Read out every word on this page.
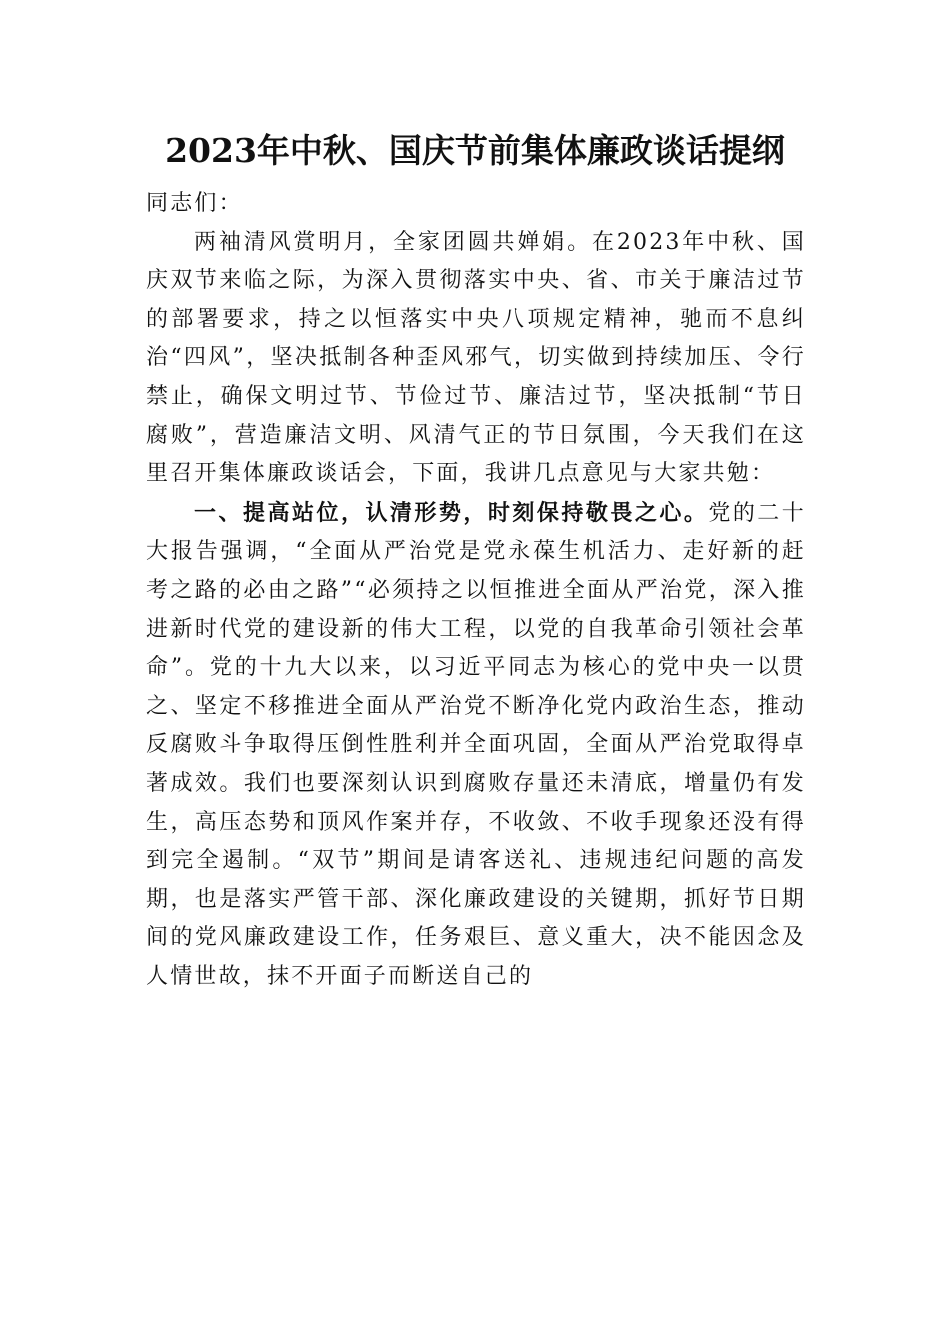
2023年中秋、国庆节前集体廉政谈话提纲

同志们：

两袖清风赏明月，全家团圆共婵娟。在2023年中秋、国庆双节来临之际，为深入贯彻落实中央、省、市关于廉洁过节的部署要求，持之以恒落实中央八项规定精神，驰而不息纠治“四风”，坚决抵制各种歪风邪气，切实做到持续加压、令行禁止，确保文明过节、节俭过节、廉洁过节，坚决抵制“节日腐败”，营造廉洁文明、风清气正的节日氛围，今天我们在这里召开集体廉政谈话会，下面，我讲几点意见与大家共勉：

一、提高站位，认清形势，时刻保持敬畏之心。党的二十大报告强调，“全面从严治党是党永葆生机活力、走好新的赶考之路的必由之路”“必须持之以恒推进全面从严治党，深入推进新时代党的建设新的伟大工程，以党的自我革命引领社会革命”。党的十九大以来，以习近平同志为核心的党中央一以贯之、坚定不移推进全面从严治党不断净化党内政治生态，推动反腐败斗争取得压倒性胜利并全面巩固，全面从严治党取得卓著成效。我们也要深刻认识到腐败存量还未清底，增量仍有发生，高压态势和顶风作案并存，不收敛、不收手现象还没有得到完全遏制。“双节”期间是请客送礼、违规违纪问题的高发期，也是落实严管干部、深化廉政建设的关键期，抓好节日期间的党风廉政建设工作，任务艰巨、意义重大，决不能因念及人情世故，抹不开面子而断送自己的
